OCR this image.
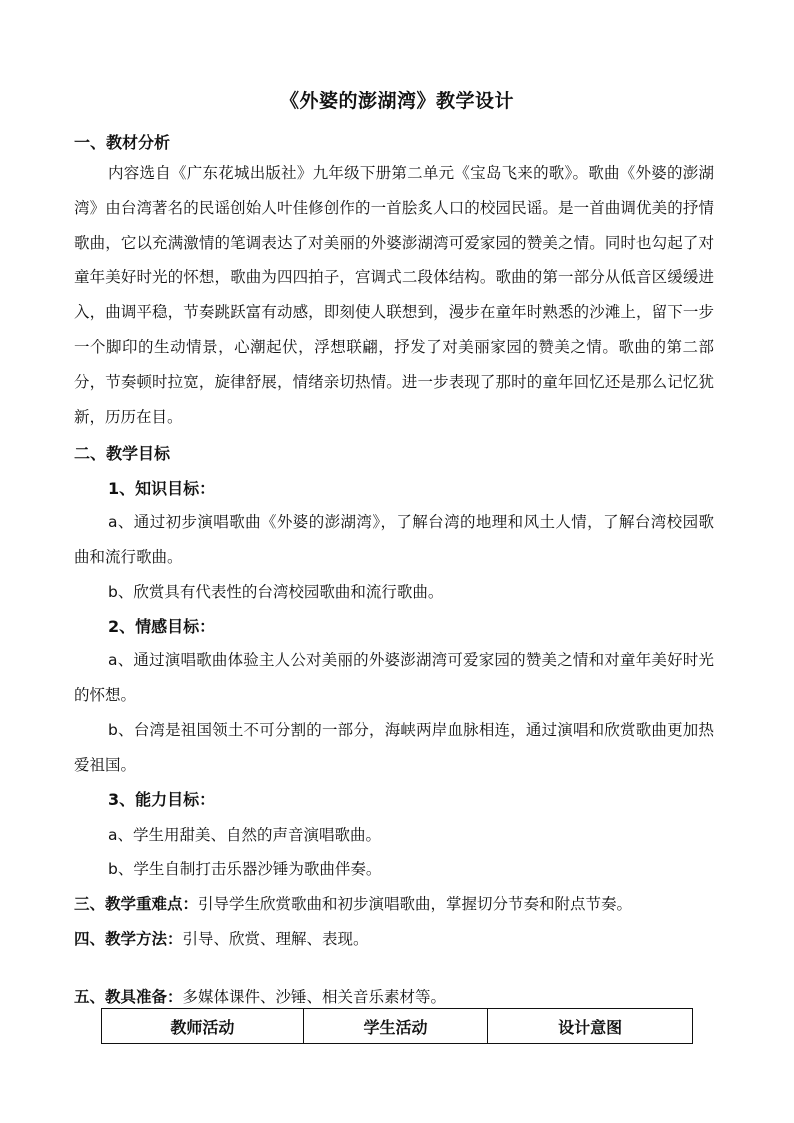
《外婆的澎湖湾》教学设计
一、教材分析
内容选自《广东花城出版社》九年级下册第二单元《宝岛飞来的歌》。歌曲《外婆的澎湖湾》由台湾著名的民谣创始人叶佳修创作的一首脍炙人口的校园民谣。是一首曲调优美的抒情歌曲，它以充满激情的笔调表达了对美丽的外婆澎湖湾可爱家园的赞美之情。同时也勾起了对童年美好时光的怀想，歌曲为四四拍子，宫调式二段体结构。歌曲的第一部分从低音区缓缓进入，曲调平稳，节奏跳跃富有动感，即刻使人联想到，漫步在童年时熟悉的沙滩上，留下一步一个脚印的生动情景，心潮起伏，浮想联翩，抒发了对美丽家园的赞美之情。歌曲的第二部分，节奏顿时拉宽，旋律舒展，情绪亲切热情。进一步表现了那时的童年回忆还是那么记忆犹新，历历在目。
二、教学目标
1、知识目标：
a、通过初步演唱歌曲《外婆的澎湖湾》，了解台湾的地理和风土人情，了解台湾校园歌曲和流行歌曲。
b、欣赏具有代表性的台湾校园歌曲和流行歌曲。
2、情感目标：
a、通过演唱歌曲体验主人公对美丽的外婆澎湖湾可爱家园的赞美之情和对童年美好时光的怀想。
b、台湾是祖国领土不可分割的一部分，海峡两岸血脉相连，通过演唱和欣赏歌曲更加热爱祖国。
3、能力目标：
a、学生用甜美、自然的声音演唱歌曲。
b、学生自制打击乐器沙锤为歌曲伴奏。
三、教学重难点：引导学生欣赏歌曲和初步演唱歌曲，掌握切分节奏和附点节奏。
四、教学方法：引导、欣赏、理解、表现。
五、教具准备：多媒体课件、沙锤、相关音乐素材等。
教师活动	学生活动	设计意图
